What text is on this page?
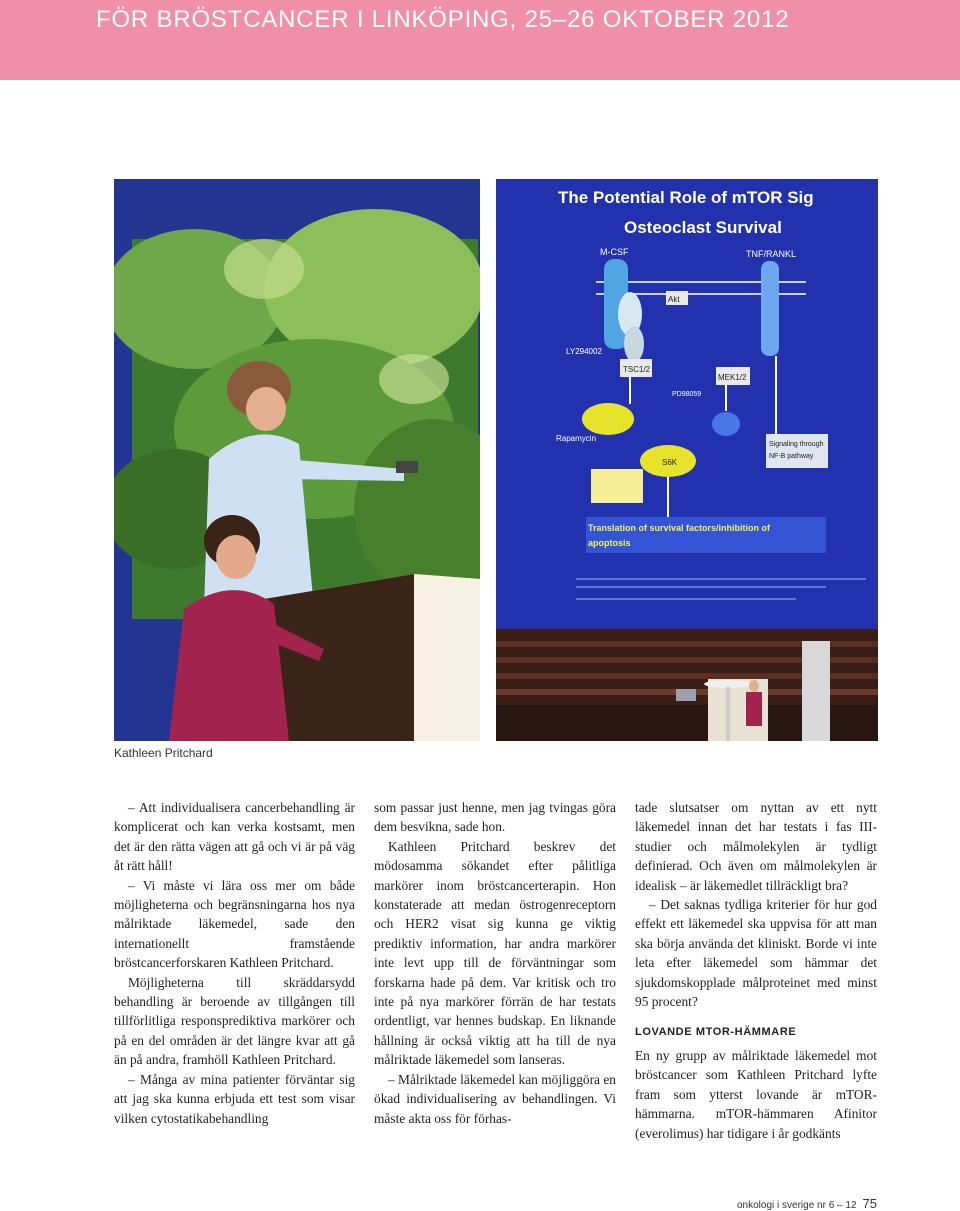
FÖR BRÖSTCANCER I LINKÖPING, 25–26 OKTOBER 2012
The Potential Role of mTOR Sig
Osteoclast Survival
M-CSF	TNF/RANKL
Akt
LY294002
TSC1/2
MEK1/2
PD98059
Rapamycin
S6K
Signaling through
NF-B pathway
Translation of survival factors/inhibition of
apoptosis
Kathleen Pritchard

– Att individualisera cancerbehandling är komplicerat och kan verka kostsamt, men det är den rätta vägen att gå och vi är på väg åt rätt håll!

– Vi måste vi lära oss mer om både möjligheterna och begränsningarna hos nya målriktade läkemedel, sade den internationellt framstående bröstcancerforskaren Kathleen Pritchard.

Möjligheterna till skräddarsydd behandling är beroende av tillgången till tillförlitliga responsprediktiva markörer och på en del områden är det längre kvar att gå än på andra, framhöll Kathleen Pritchard.

– Många av mina patienter förväntar sig att jag ska kunna erbjuda ett test som visar vilken cytostatikabehandling

som passar just henne, men jag tvingas göra dem besvikna, sade hon.

Kathleen Pritchard beskrev det mödosamma sökandet efter pålitliga markörer inom bröstcancerterapin. Hon konstaterade att medan östrogenreceptorn och HER2 visat sig kunna ge viktig prediktiv information, har andra markörer inte levt upp till de förväntningar som forskarna hade på dem. Var kritisk och tro inte på nya markörer förrän de har testats ordentligt, var hennes budskap. En liknande hållning är också viktig att ha till de nya målriktade läkemedel som lanseras.

– Målriktade läkemedel kan möjliggöra en ökad individualisering av behandlingen. Vi måste akta oss för förhas-

tade slutsatser om nyttan av ett nytt läkemedel innan det har testats i fas III-studier och målmolekylen är tydligt definierad. Och även om målmolekylen är idealisk – är läkemedlet tillräckligt bra?

– Det saknas tydliga kriterier för hur god effekt ett läkemedel ska uppvisa för att man ska börja använda det kliniskt. Borde vi inte leta efter läkemedel som hämmar det sjukdomskopplade målproteinet med minst 95 procent?

LOVANDE MTOR-HÄMMARE

En ny grupp av målriktade läkemedel mot bröstcancer som Kathleen Pritchard lyfte fram som ytterst lovande är mTOR-hämmarna. mTOR-hämmaren Afinitor (everolimus) har tidigare i år godkänts

onkologi i sverige nr 6 – 12 75
